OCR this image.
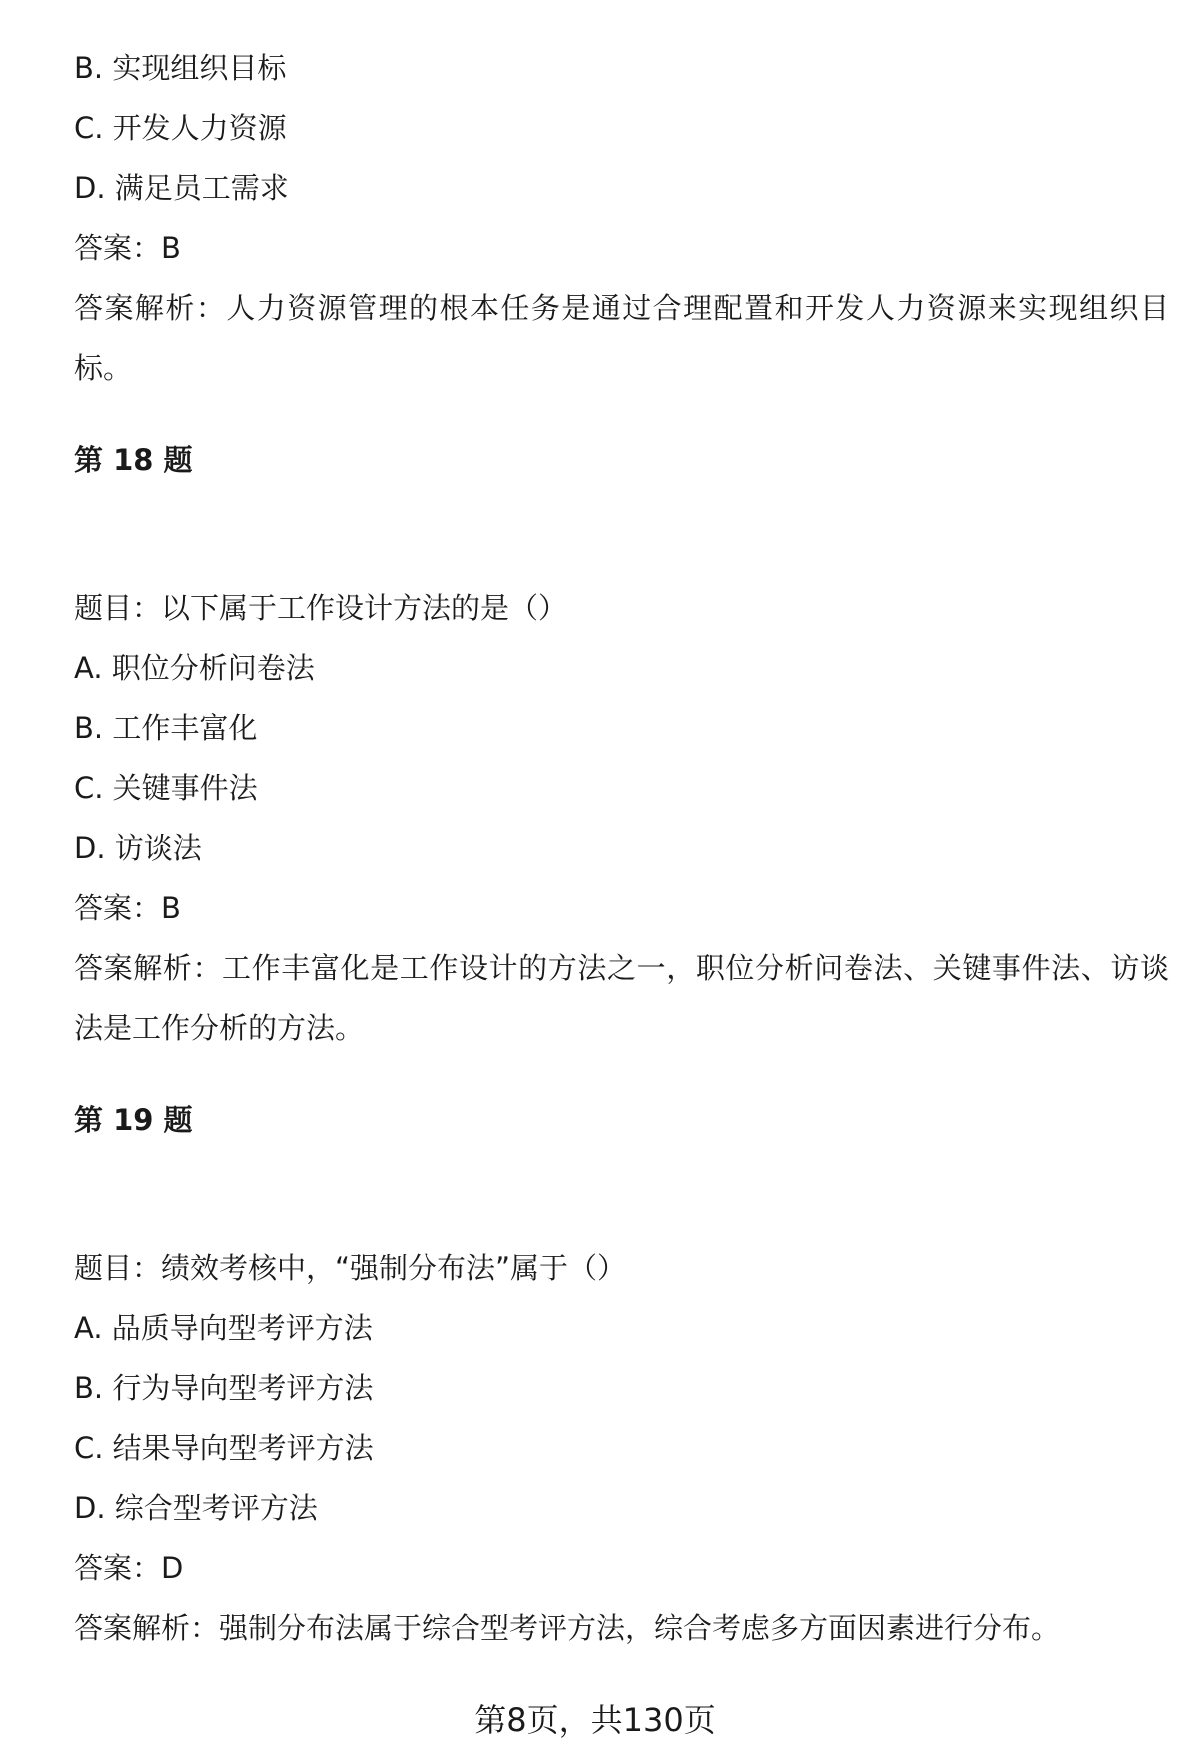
B. 实现组织目标
C. 开发人力资源
D. 满足员工需求
答案：B
答案解析：人力资源管理的根本任务是通过合理配置和开发人力资源来实现组织目标。
第 18 题
题目：以下属于工作设计方法的是（）
A. 职位分析问卷法
B. 工作丰富化
C. 关键事件法
D. 访谈法
答案：B
答案解析：工作丰富化是工作设计的方法之一，职位分析问卷法、关键事件法、访谈法是工作分析的方法。
第 19 题
题目：绩效考核中，“强制分布法”属于（）
A. 品质导向型考评方法
B. 行为导向型考评方法
C. 结果导向型考评方法
D. 综合型考评方法
答案：D
答案解析：强制分布法属于综合型考评方法，综合考虑多方面因素进行分布。
第8页，共130页
